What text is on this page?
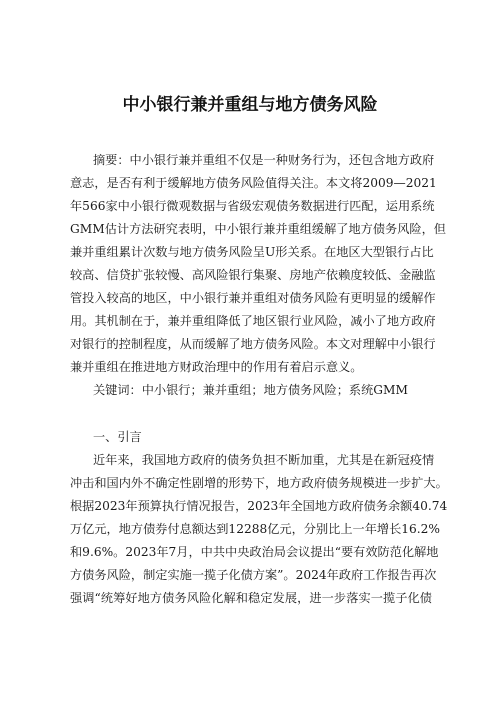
中小银行兼并重组与地方债务风险
摘要：中小银行兼并重组不仅是一种财务行为，还包含地方政府
意志，是否有利于缓解地方债务风险值得关注。本文将2009—2021
年566家中小银行微观数据与省级宏观债务数据进行匹配，运用系统
GMM估计方法研究表明，中小银行兼并重组缓解了地方债务风险，但
兼并重组累计次数与地方债务风险呈U形关系。在地区大型银行占比
较高、信贷扩张较慢、高风险银行集聚、房地产依赖度较低、金融监
管投入较高的地区，中小银行兼并重组对债务风险有更明显的缓解作
用。其机制在于，兼并重组降低了地区银行业风险，减小了地方政府
对银行的控制程度，从而缓解了地方债务风险。本文对理解中小银行
兼并重组在推进地方财政治理中的作用有着启示意义。
关键词：中小银行；兼并重组；地方债务风险；系统GMM
一、引言
近年来，我国地方政府的债务负担不断加重，尤其是在新冠疫情
冲击和国内外不确定性剧增的形势下，地方政府债务规模进一步扩大。
根据2023年预算执行情况报告，2023年全国地方政府债务余额40.74
万亿元，地方债券付息额达到12288亿元，分别比上一年增长16.2%
和9.6%。2023年7月，中共中央政治局会议提出“要有效防范化解地
方债务风险，制定实施一揽子化债方案”。2024年政府工作报告再次
强调“统筹好地方债务风险化解和稳定发展，进一步落实一揽子化债
